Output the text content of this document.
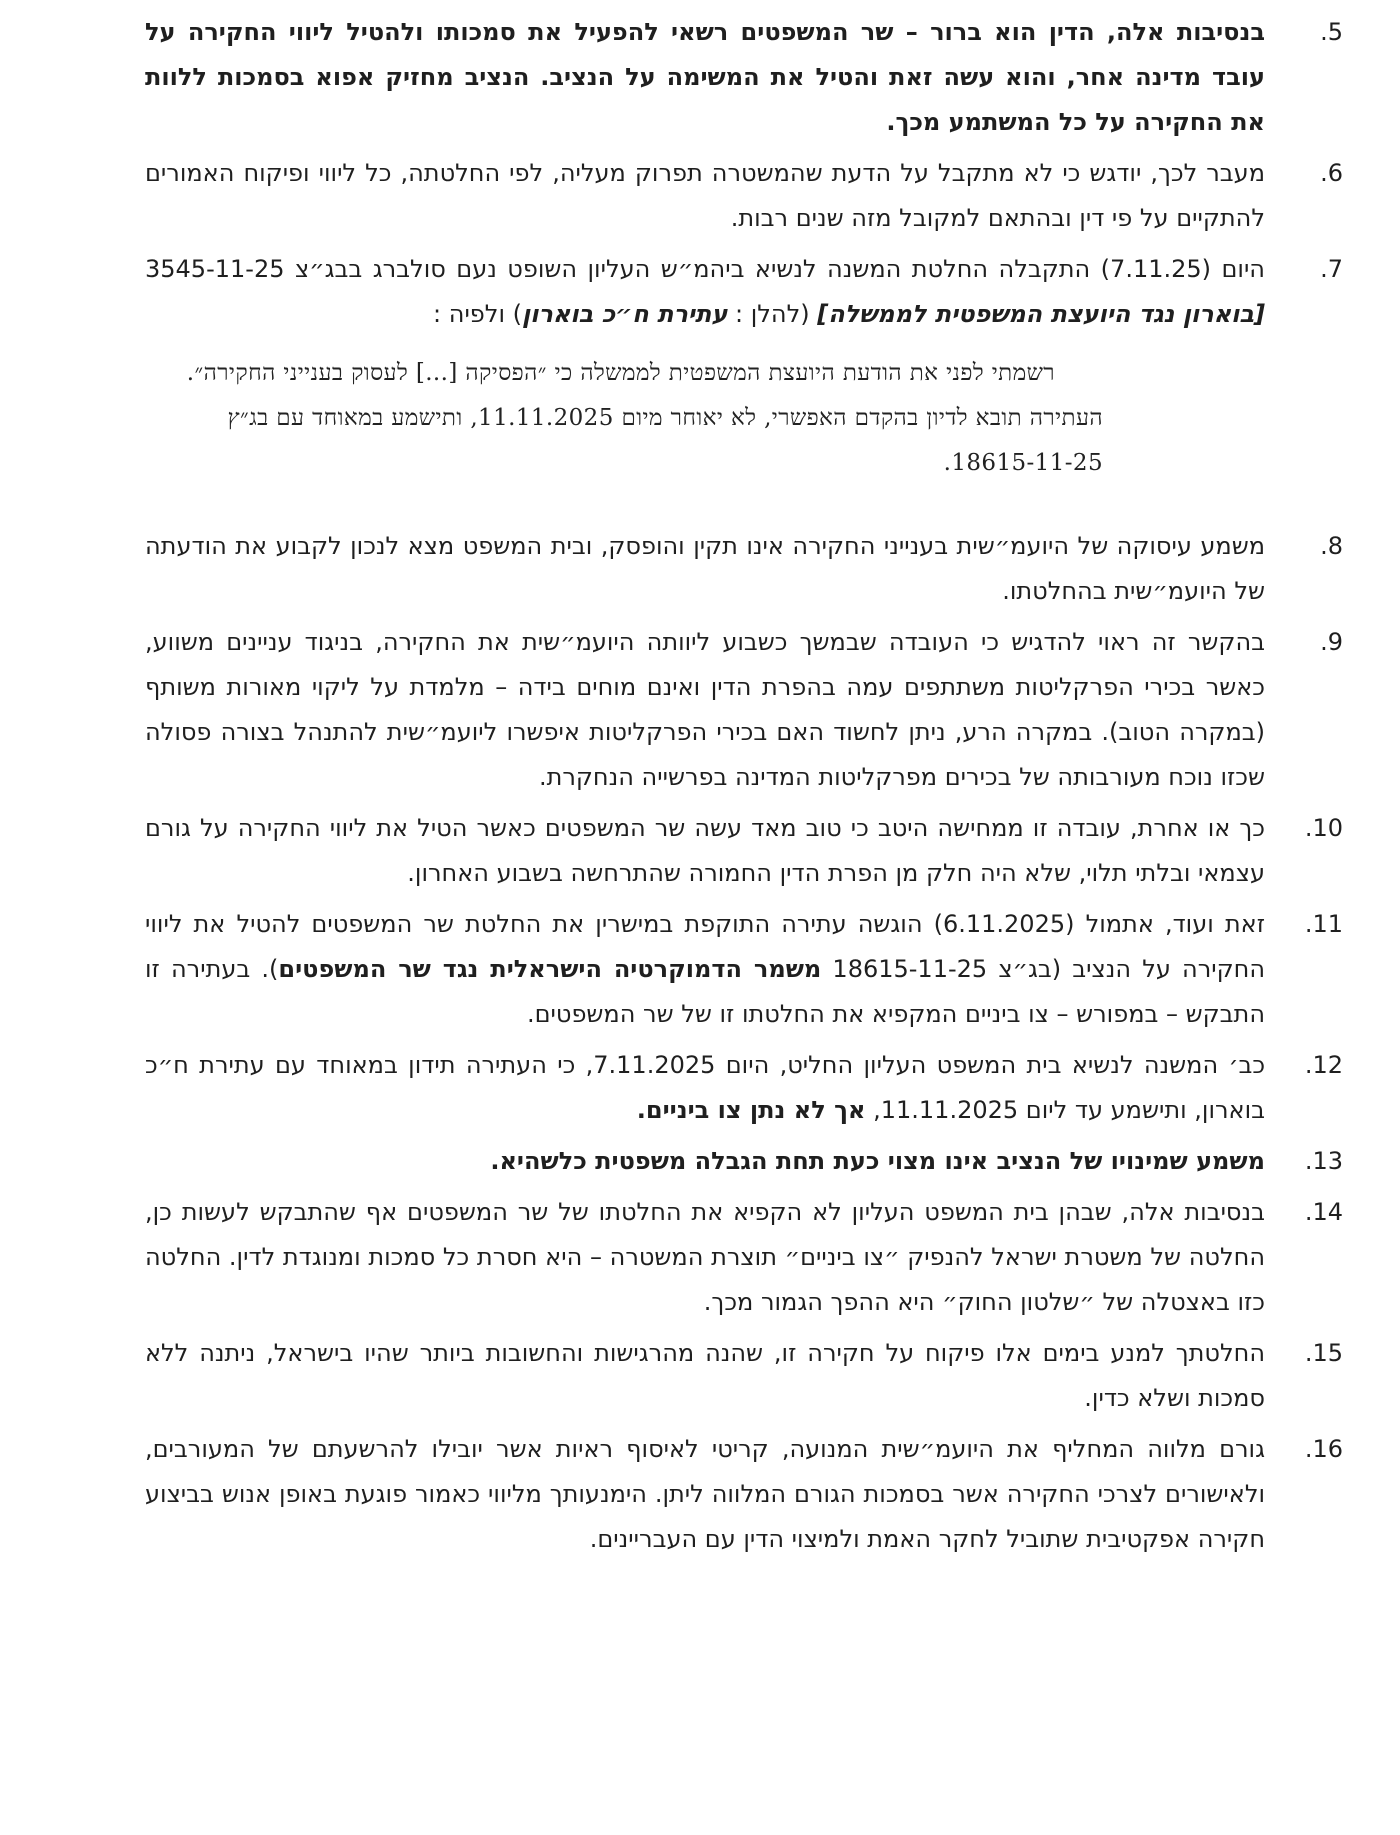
5.
בנסיבות אלה, הדין הוא ברור – שר המשפטים רשאי להפעיל את סמכותו ולהטיל ליווי החקירה על עובד מדינה אחר, והוא עשה זאת והטיל את המשימה על הנציב. הנציב מחזיק אפוא בסמכות ללוות את החקירה על כל המשתמע מכך.
6.
מעבר לכך, יודגש כי לא מתקבל על הדעת שהמשטרה תפרוק מעליה, לפי החלטתה, כל ליווי ופיקוח האמורים להתקיים על פי דין ובהתאם למקובל מזה שנים רבות.
7.
היום (7.11.25) התקבלה החלטת המשנה לנשיא ביהמ״ש העליון השופט נעם סולברג בבג״צ 3545-11-25 [בוארון נגד היועצת המשפטית לממשלה] (להלן : עתירת ח״כ בוארון) ולפיה :
רשמתי לפני את הודעת היועצת המשפטית לממשלה כי ״הפסיקה [...] לעסוק בענייני החקירה״. העתירה תובא לדיון בהקדם האפשרי, לא יאוחר מיום 11.11.2025, ותישמע במאוחד עם בג״ץ 18615-11-25.
8.
משמע עיסוקה של היועמ״שית בענייני החקירה אינו תקין והופסק, ובית המשפט מצא לנכון לקבוע את הודעתה של היועמ״שית בהחלטתו.
9.
בהקשר זה ראוי להדגיש כי העובדה שבמשך כשבוע ליוותה היועמ״שית את החקירה, בניגוד עניינים משווע, כאשר בכירי הפרקליטות משתתפים עמה בהפרת הדין ואינם מוחים בידה – מלמדת על ליקוי מאורות משותף (במקרה הטוב). במקרה הרע, ניתן לחשוד האם בכירי הפרקליטות איפשרו ליועמ״שית להתנהל בצורה פסולה שכזו נוכח מעורבותה של בכירים מפרקליטות המדינה בפרשייה הנחקרת.
10.
כך או אחרת, עובדה זו ממחישה היטב כי טוב מאד עשה שר המשפטים כאשר הטיל את ליווי החקירה על גורם עצמאי ובלתי תלוי, שלא היה חלק מן הפרת הדין החמורה שהתרחשה בשבוע האחרון.
11.
זאת ועוד, אתמול (6.11.2025) הוגשה עתירה התוקפת במישרין את החלטת שר המשפטים להטיל את ליווי החקירה על הנציב (בג״צ 18615-11-25 משמר הדמוקרטיה הישראלית נגד שר המשפטים). בעתירה זו התבקש – במפורש – צו ביניים המקפיא את החלטתו זו של שר המשפטים.
12.
כב׳ המשנה לנשיא בית המשפט העליון החליט, היום 7.11.2025, כי העתירה תידון במאוחד עם עתירת ח״כ בוארון, ותישמע עד ליום 11.11.2025, אך לא נתן צו ביניים.
13.
משמע שמינויו של הנציב אינו מצוי כעת תחת הגבלה משפטית כלשהיא.
14.
בנסיבות אלה, שבהן בית המשפט העליון לא הקפיא את החלטתו של שר המשפטים אף שהתבקש לעשות כן, החלטה של משטרת ישראל להנפיק ״צו ביניים״ תוצרת המשטרה – היא חסרת כל סמכות ומנוגדת לדין. החלטה כזו באצטלה של ״שלטון החוק״ היא ההפך הגמור מכך.
15.
החלטתך למנע בימים אלו פיקוח על חקירה זו, שהנה מהרגישות והחשובות ביותר שהיו בישראל, ניתנה ללא סמכות ושלא כדין.
16.
גורם מלווה המחליף את היועמ״שית המנועה, קריטי לאיסוף ראיות אשר יובילו להרשעתם של המעורבים, ולאישורים לצרכי החקירה אשר בסמכות הגורם המלווה ליתן. הימנעותך מליווי כאמור פוגעת באופן אנוש בביצוע חקירה אפקטיבית שתוביל לחקר האמת ולמיצוי הדין עם העבריינים.
